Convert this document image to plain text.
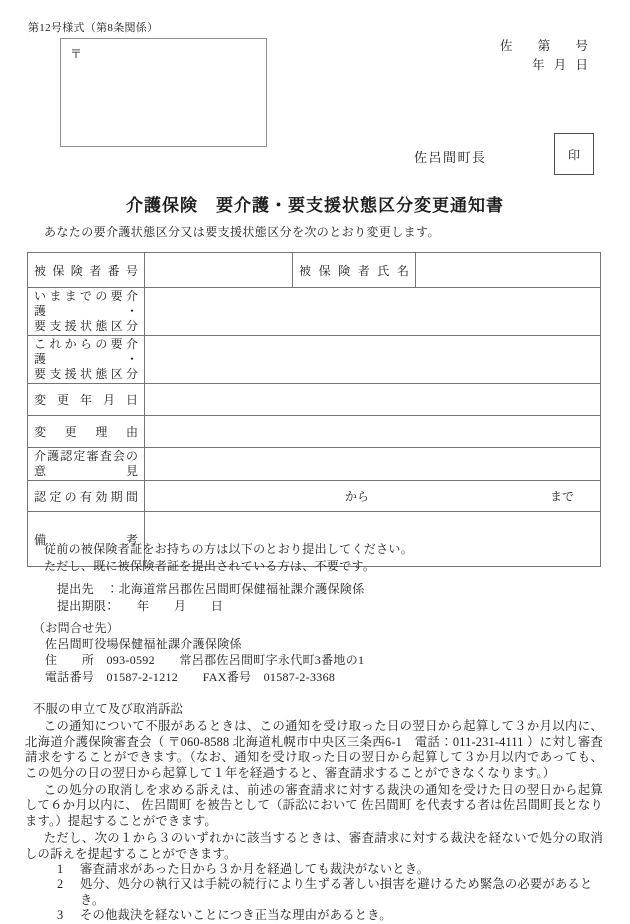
第12号様式（第8条関係）
〒
佐 第 号
年 月 日
佐呂間町長	印
介護保険　要介護・要支援状態区分変更通知書
あなたの要介護状態区分又は要支援状態区分を次のとおり変更します。
被保険者番号		被保険者氏名	

いままでの要介護・
要支援状態区分			

これからの要介護・
要支援状態区分			

変更年月日			
変更理由			

介護認定審査会の
意　見			

認定の有効期間	から まで		

備　考			
従前の被保険者証をお持ちの方は以下のとおり提出してください。
ただし、既に被保険者証を提出されている方は、不要です。
提出先　：北海道常呂郡佐呂間町保健福祉課介護保険係
提出期限：　　年　　月　　日
（お問合せ先）
佐呂間町役場保健福祉課介護保険係
住　　所　093-0592　　常呂郡佐呂間町字永代町3番地の1
電話番号　01587-2-1212　　FAX番号　01587-2-3368
不服の申立て及び取消訴訟

　この通知について不服があるときは、この通知を受け取った日の翌日から起算して３か月以内に、北海道介護保険審査会（ 〒060-8588 北海道札幌市中央区三条西6-1　電話：011-231-4111 ）に対し審査請求をすることができます。（なお、通知を受け取った日の翌日から起算して３か月以内であっても、この処分の日の翌日から起算して１年を経過すると、審査請求することができなくなります。）

　この処分の取消しを求める訴えは、前述の審査請求に対する裁決の通知を受けた日の翌日から起算して６か月以内に、 佐呂間町 を被告として（訴訟において 佐呂間町 を代表する者は佐呂間町長となります。）提起することができます。

　ただし、次の１から３のいずれかに該当するときは、審査請求に対する裁決を経ないで処分の取消しの訴えを提起することができます。

1 審査請求があった日から３か月を経過しても裁決がないとき。
2 処分、処分の執行又は手続の続行により生ずる著しい損害を避けるため緊急の必要があるとき。
3 その他裁決を経ないことにつき正当な理由があるとき。
